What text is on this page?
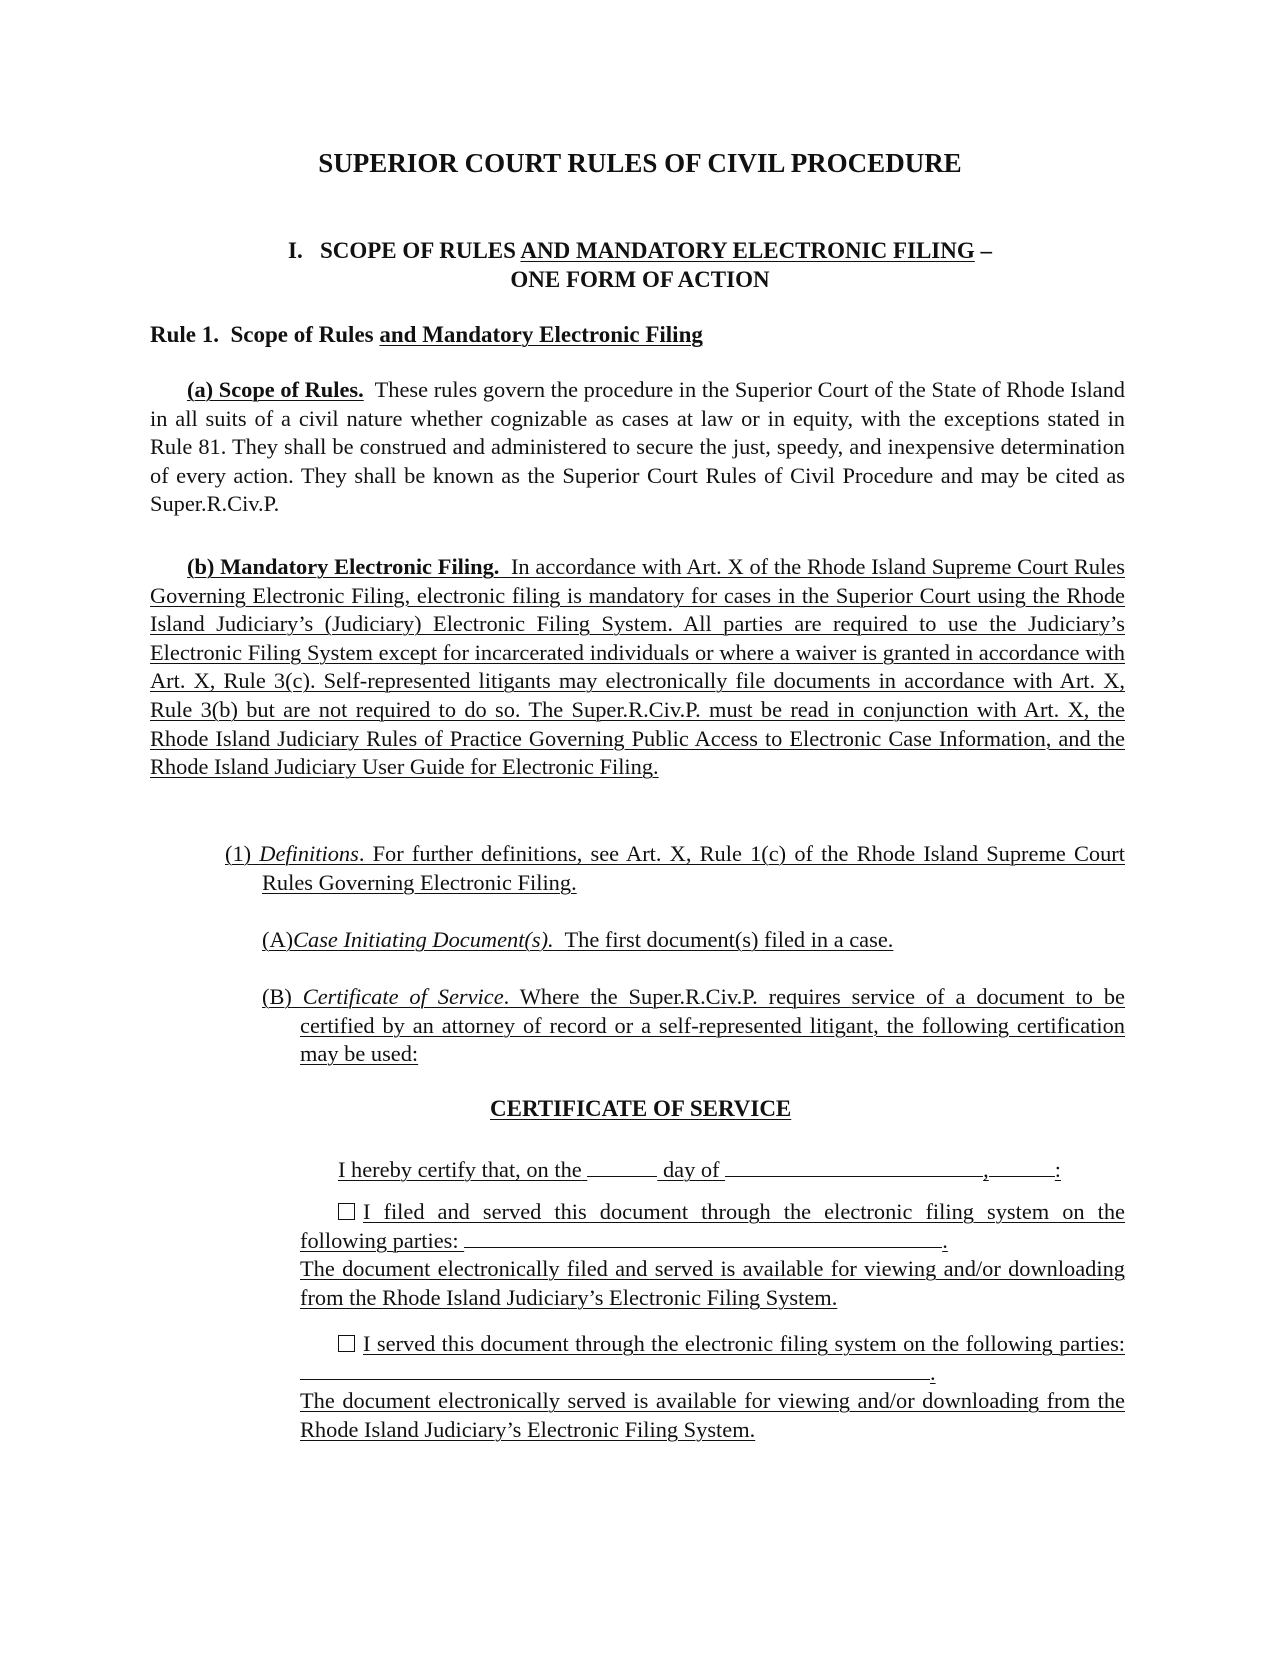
SUPERIOR COURT RULES OF CIVIL PROCEDURE
I. SCOPE OF RULES AND MANDATORY ELECTRONIC FILING –
ONE FORM OF ACTION
Rule 1. Scope of Rules and Mandatory Electronic Filing
(a) Scope of Rules. These rules govern the procedure in the Superior Court of the State of Rhode Island in all suits of a civil nature whether cognizable as cases at law or in equity, with the exceptions stated in Rule 81. They shall be construed and administered to secure the just, speedy, and inexpensive determination of every action. They shall be known as the Superior Court Rules of Civil Procedure and may be cited as Super.R.Civ.P.
(b) Mandatory Electronic Filing. In accordance with Art. X of the Rhode Island Supreme Court Rules Governing Electronic Filing, electronic filing is mandatory for cases in the Superior Court using the Rhode Island Judiciary’s (Judiciary) Electronic Filing System. All parties are required to use the Judiciary’s Electronic Filing System except for incarcerated individuals or where a waiver is granted in accordance with Art. X, Rule 3(c). Self-represented litigants may electronically file documents in accordance with Art. X, Rule 3(b) but are not required to do so. The Super.R.Civ.P. must be read in conjunction with Art. X, the Rhode Island Judiciary Rules of Practice Governing Public Access to Electronic Case Information, and the Rhode Island Judiciary User Guide for Electronic Filing.
(1) Definitions. For further definitions, see Art. X, Rule 1(c) of the Rhode Island Supreme Court Rules Governing Electronic Filing.
(A)Case Initiating Document(s). The first document(s) filed in a case.
(B) Certificate of Service. Where the Super.R.Civ.P. requires service of a document to be certified by an attorney of record or a self-represented litigant, the following certification may be used:
CERTIFICATE OF SERVICE
I hereby certify that, on the	day of	,	:
I filed and served this document through the electronic filing system on the following parties:	.
The document electronically filed and served is available for viewing and/or downloading from the Rhode Island Judiciary’s Electronic Filing System.
I served this document through the electronic filing system on the following parties: .
The document electronically served is available for viewing and/or downloading from the Rhode Island Judiciary’s Electronic Filing System.
